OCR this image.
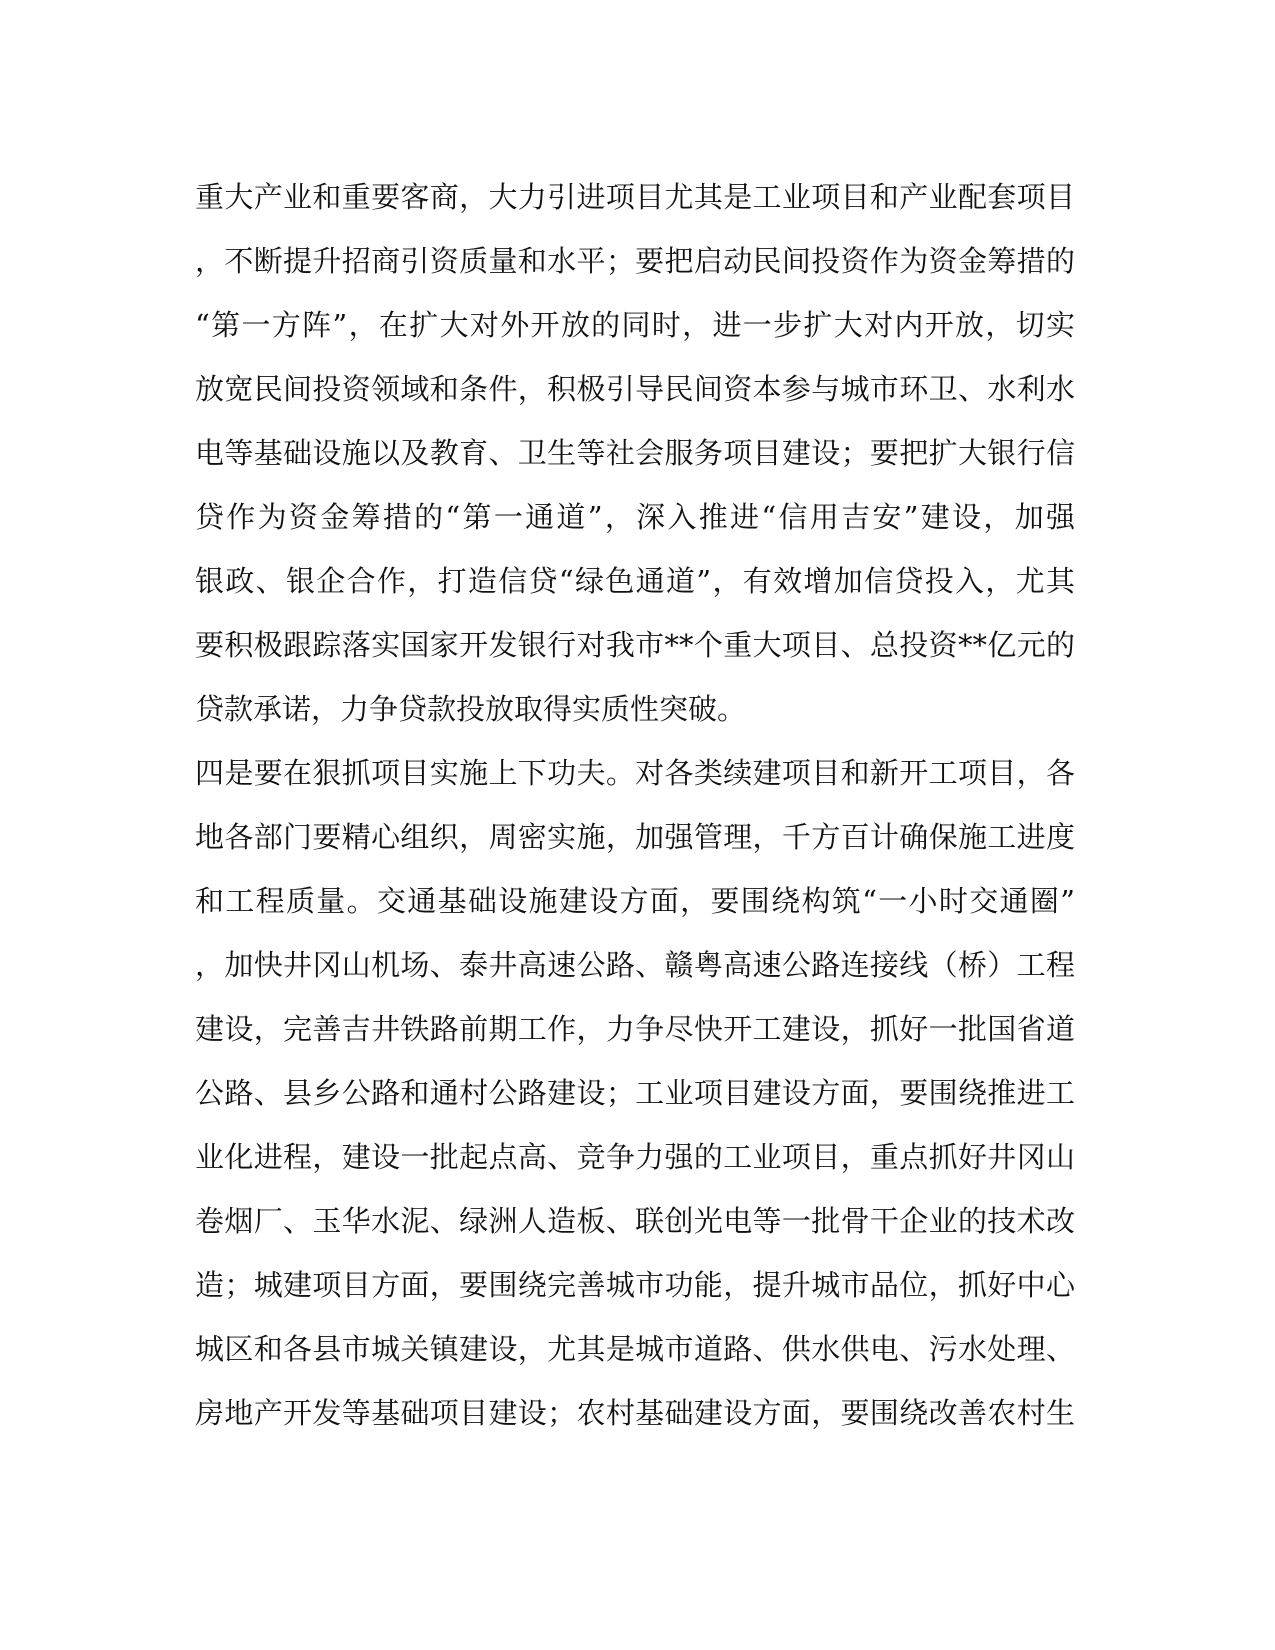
重大产业和重要客商，大力引进项目尤其是工业项目和产业配套项目
，不断提升招商引资质量和水平；要把启动民间投资作为资金筹措的
“第一方阵”，在扩大对外开放的同时，进一步扩大对内开放，切实
放宽民间投资领域和条件，积极引导民间资本参与城市环卫、水利水
电等基础设施以及教育、卫生等社会服务项目建设；要把扩大银行信
贷作为资金筹措的“第一通道”，深入推进“信用吉安”建设，加强
银政、银企合作，打造信贷“绿色通道”，有效增加信贷投入，尤其
要积极跟踪落实国家开发银行对我市**个重大项目、总投资**亿元的
贷款承诺，力争贷款投放取得实质性突破。
四是要在狠抓项目实施上下功夫。对各类续建项目和新开工项目，各
地各部门要精心组织，周密实施，加强管理，千方百计确保施工进度
和工程质量。交通基础设施建设方面，要围绕构筑“一小时交通圈”
，加快井冈山机场、泰井高速公路、赣粤高速公路连接线（桥）工程
建设，完善吉井铁路前期工作，力争尽快开工建设，抓好一批国省道
公路、县乡公路和通村公路建设；工业项目建设方面，要围绕推进工
业化进程，建设一批起点高、竞争力强的工业项目，重点抓好井冈山
卷烟厂、玉华水泥、绿洲人造板、联创光电等一批骨干企业的技术改
造；城建项目方面，要围绕完善城市功能，提升城市品位，抓好中心
城区和各县市城关镇建设，尤其是城市道路、供水供电、污水处理、
房地产开发等基础项目建设；农村基础建设方面，要围绕改善农村生
